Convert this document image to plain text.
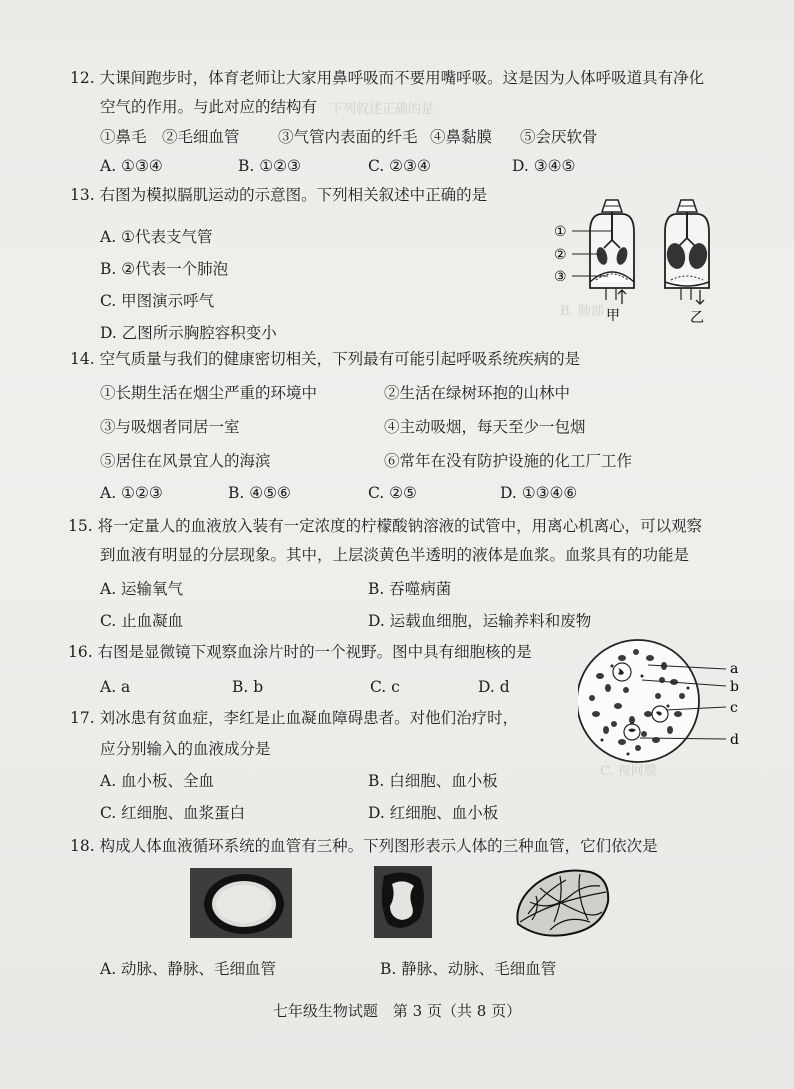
下列叙述正确的是
B. 肺部
C. 视网膜
12. 大课间跑步时，体育老师让大家用鼻呼吸而不要用嘴呼吸。这是因为人体呼吸道具有净化
空气的作用。与此对应的结构有
①鼻毛 ②毛细血管 ③气管内表面的纤毛 ④鼻黏膜 ⑤会厌软骨
A. ①③④	B. ①②③	C. ②③④	D. ③④⑤
13. 右图为模拟膈肌运动的示意图。下列相关叙述中正确的是
A. ①代表支气管
B. ②代表一个肺泡
C. 甲图演示呼气
D. 乙图所示胸腔容积变小
甲
①
②
③
乙
14. 空气质量与我们的健康密切相关，下列最有可能引起呼吸系统疾病的是
①长期生活在烟尘严重的环境中	②生活在绿树环抱的山林中
③与吸烟者同居一室	④主动吸烟，每天至少一包烟
⑤居住在风景宜人的海滨	⑥常年在没有防护设施的化工厂工作
A. ①②③	B. ④⑤⑥	C. ②⑤	D. ①③④⑥
15. 将一定量人的血液放入装有一定浓度的柠檬酸钠溶液的试管中，用离心机离心，可以观察
到血液有明显的分层现象。其中，上层淡黄色半透明的液体是血浆。血浆具有的功能是
A. 运输氧气	B. 吞噬病菌
C. 止血凝血	D. 运载血细胞，运输养料和废物
16. 右图是显微镜下观察血涂片时的一个视野。图中具有细胞核的是
A. a	B. b	C. c	D. d
a
b
c
d
17. 刘冰患有贫血症，李红是止血凝血障碍患者。对他们治疗时，
应分别输入的血液成分是
A. 血小板、全血	B. 白细胞、血小板
C. 红细胞、血浆蛋白	D. 红细胞、血小板
18. 构成人体血液循环系统的血管有三种。下列图形表示人体的三种血管，它们依次是
A. 动脉、静脉、毛细血管	B. 静脉、动脉、毛细血管
七年级生物试题　第 3 页（共 8 页）
